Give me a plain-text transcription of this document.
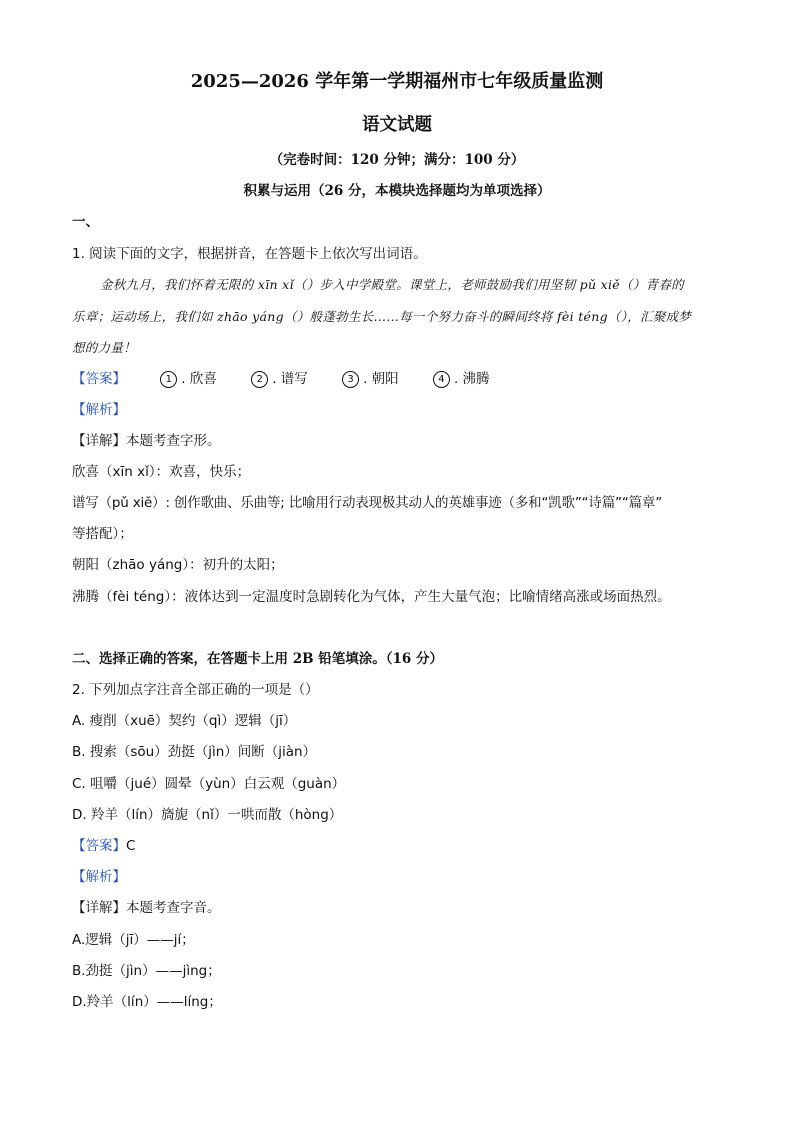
2025—2026 学年第一学期福州市七年级质量监测
语文试题
（完卷时间：120 分钟；满分：100 分）
积累与运用（26 分，本模块选择题均为单项选择）
一、
1. 阅读下面的文字，根据拼音，在答题卡上依次写出词语。
金秋九月，我们怀着无限的 xīn xǐ（）步入中学殿堂。课堂上，老师鼓励我们用坚韧 pǔ xiě（）青春的
乐章；运动场上，我们如 zhāo yáng（）般蓬勃生长……每一个努力奋斗的瞬间终将 fèi téng（），汇聚成梦
想的力量！
【答案】	1 . 欣喜	2 . 谱写	3 . 朝阳	4 . 沸腾
【解析】
【详解】本题考查字形。
欣喜（xīn xǐ）：欢喜，快乐；
谱写（pǔ xiě）: 创作歌曲、乐曲等; 比喻用行动表现极其动人的英雄事迹（多和“凯歌”“诗篇”“篇章”
等搭配）；
朝阳（zhāo yáng）：初升的太阳；
沸腾（fèi téng）：液体达到一定温度时急剧转化为气体，产生大量气泡；比喻情绪高涨或场面热烈。
二、选择正确的答案，在答题卡上用 2B 铅笔填涂。（16 分）
2. 下列加点字注音全部正确的一项是（）
A. 瘦削（xuē）契约（qì）逻辑（jī）
B. 搜索（sōu）劲挺（jìn）间断（jiàn）
C. 咀嚼（jué）圆晕（yùn）白云观（guàn）
D. 羚羊（lín）旖旎（nǐ）一哄而散（hòng）
【答案】C
【解析】
【详解】本题考查字音。
A.逻辑（jī）——jí；
B.劲挺（jìn）——jìng；
D.羚羊（lín）——líng；
